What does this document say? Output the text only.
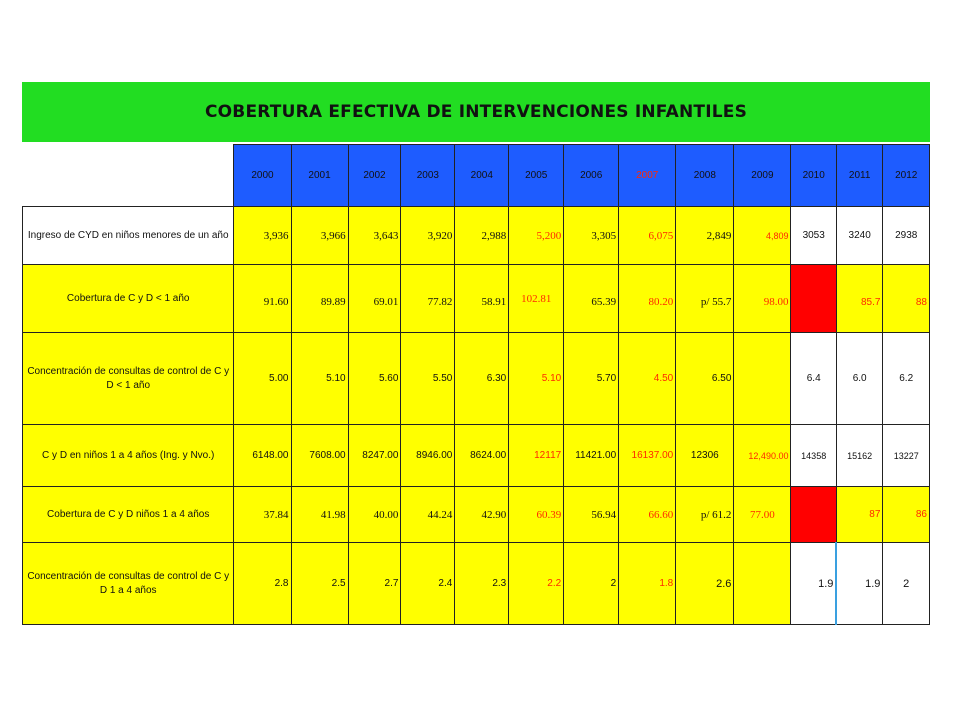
COBERTURA EFECTIVA DE INTERVENCIONES INFANTILES
	2000	2001	2002	2003	2004	2005	2006	2007	2008	2009	2010	2011	2012
Ingreso de CYD en niños menores de un año	3,936	3,966	3,643	3,920	2,988	5,200	3,305	6,075	2,849	4,809	3053	3240	2938
Cobertura de C y D < 1 año	91.60	89.89	69.01	77.82	58.91	102.81	65.39	80.20	p/ 55.7	98.00		85.7	88
Concentración de consultas de control de C y D < 1 año	5.00	5.10	5.60	5.50	6.30	5.10	5.70	4.50	6.50		6.4	6.0	6.2
C y D en niños 1 a 4 años (Ing. y Nvo.)	6148.00	7608.00	8247.00	8946.00	8624.00	12117	11421.00	16137.00	12306	12,490.00	14358	15162	13227
Cobertura de C y D niños 1 a 4 años	37.84	41.98	40.00	44.24	42.90	60.39	56.94	66.60	p/ 61.2	77.00		87	86
Concentración de consultas de control de C y D 1 a 4 años	2.8	2.5	2.7	2.4	2.3	2.2	2	1.8	2.6		1.9	1.9	2
